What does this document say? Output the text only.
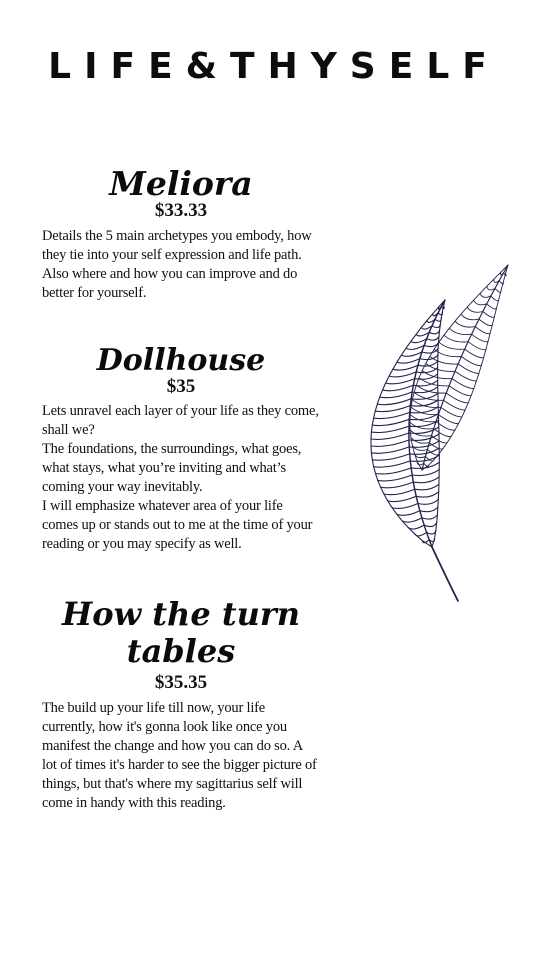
LIFE&THYSELF
Meliora
$33.33

Details the 5 main archetypes you embody, how they tie into your self expression and life path. Also where and how you can improve and do better for yourself.

Dollhouse
$35

Lets unravel each layer of your life as they come, shall we?
The foundations, the surroundings, what goes, what stays, what you’re inviting and what’s coming your way inevitably.
I will emphasize whatever area of your life comes up or stands out to me at the time of your reading or you may specify as well.

How the turn tables
$35.35

The build up your life till now, your life currently, how it's gonna look like once you manifest the change and how you can do so. A lot of times it's harder to see the bigger picture of things, but that's where my sagittarius self will come in handy with this reading.
